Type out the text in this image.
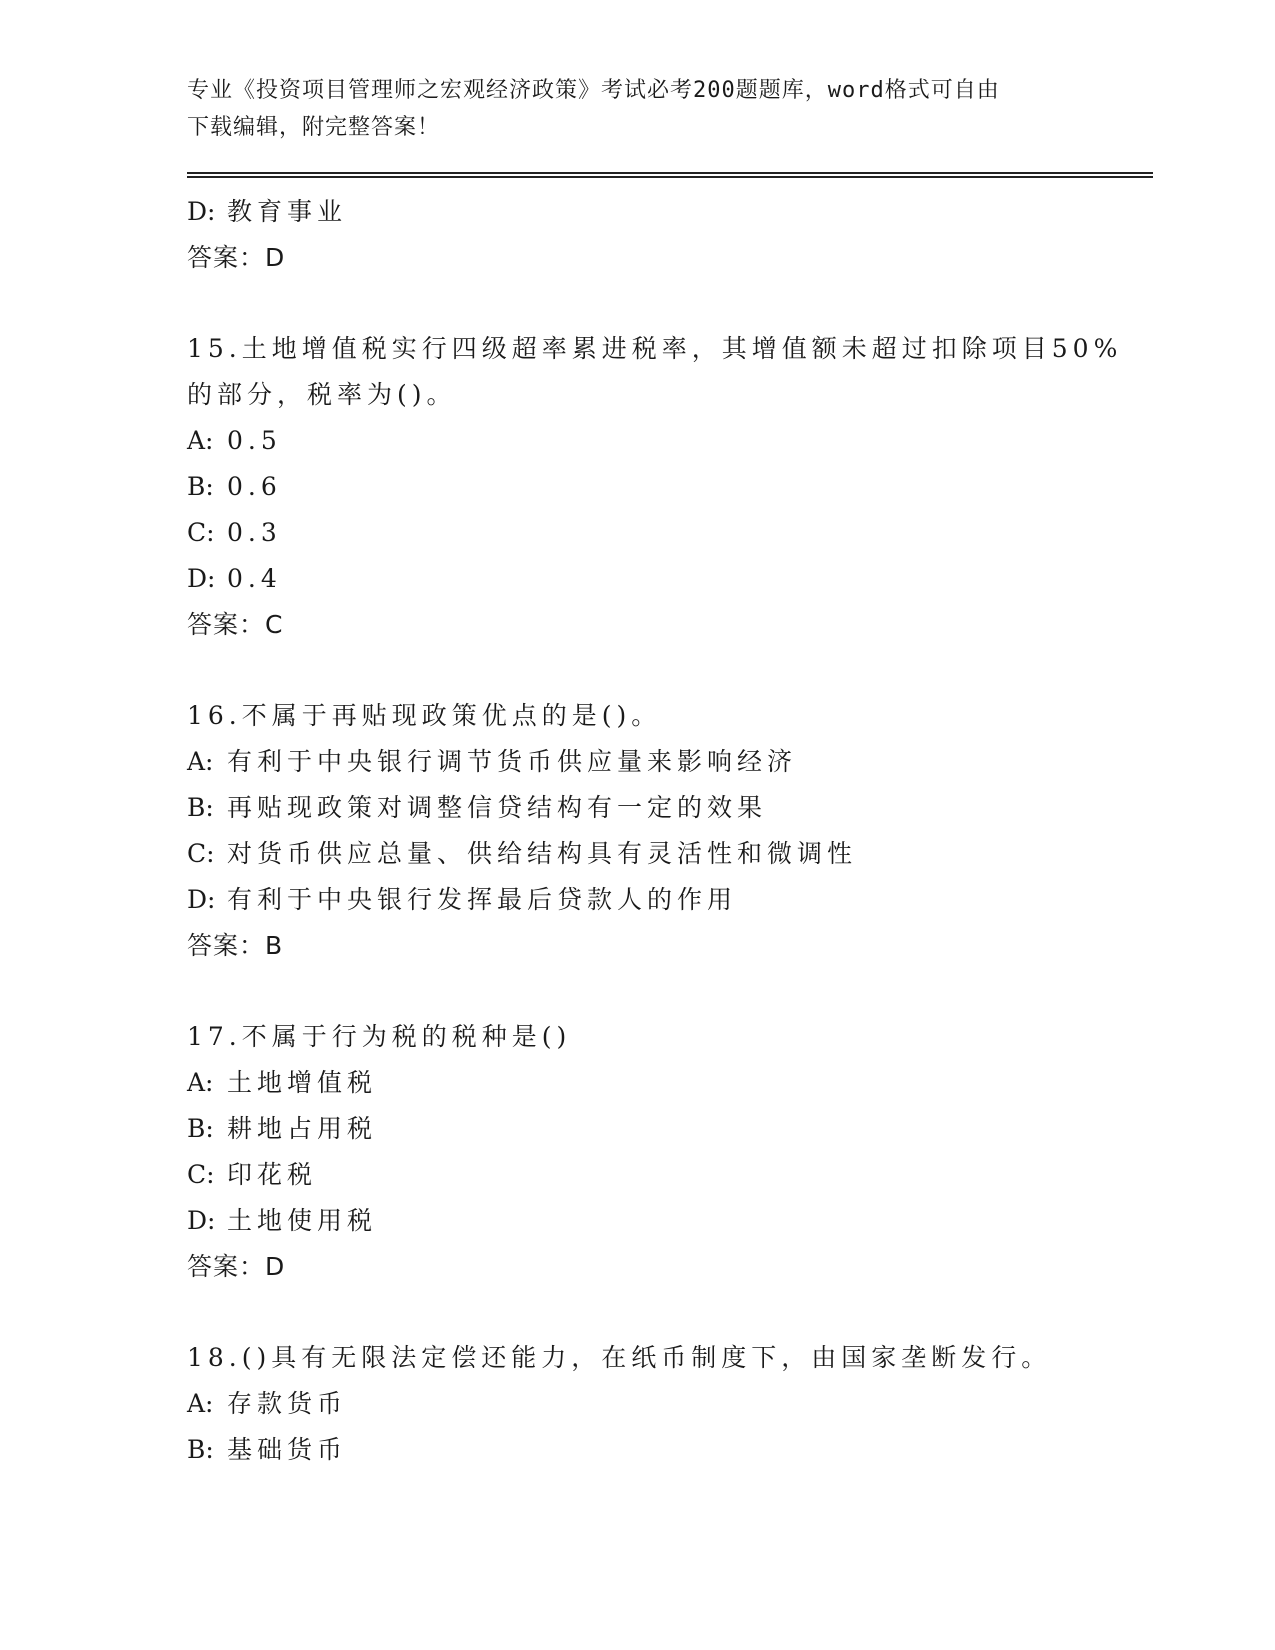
专业《投资项目管理师之宏观经济政策》考试必考200题题库，word格式可自由
下载编辑，附完整答案！
D: 教育事业
答案：D
15.土地增值税实行四级超率累进税率，其增值额未超过扣除项目50%
的部分，税率为()。
A: 0.5
B: 0.6
C: 0.3
D: 0.4
答案：C
16.不属于再贴现政策优点的是()。
A: 有利于中央银行调节货币供应量来影响经济
B: 再贴现政策对调整信贷结构有一定的效果
C: 对货币供应总量、供给结构具有灵活性和微调性
D: 有利于中央银行发挥最后贷款人的作用
答案：B
17.不属于行为税的税种是()
A: 土地增值税
B: 耕地占用税
C: 印花税
D: 土地使用税
答案：D
18.()具有无限法定偿还能力，在纸币制度下，由国家垄断发行。
A: 存款货币
B: 基础货币
